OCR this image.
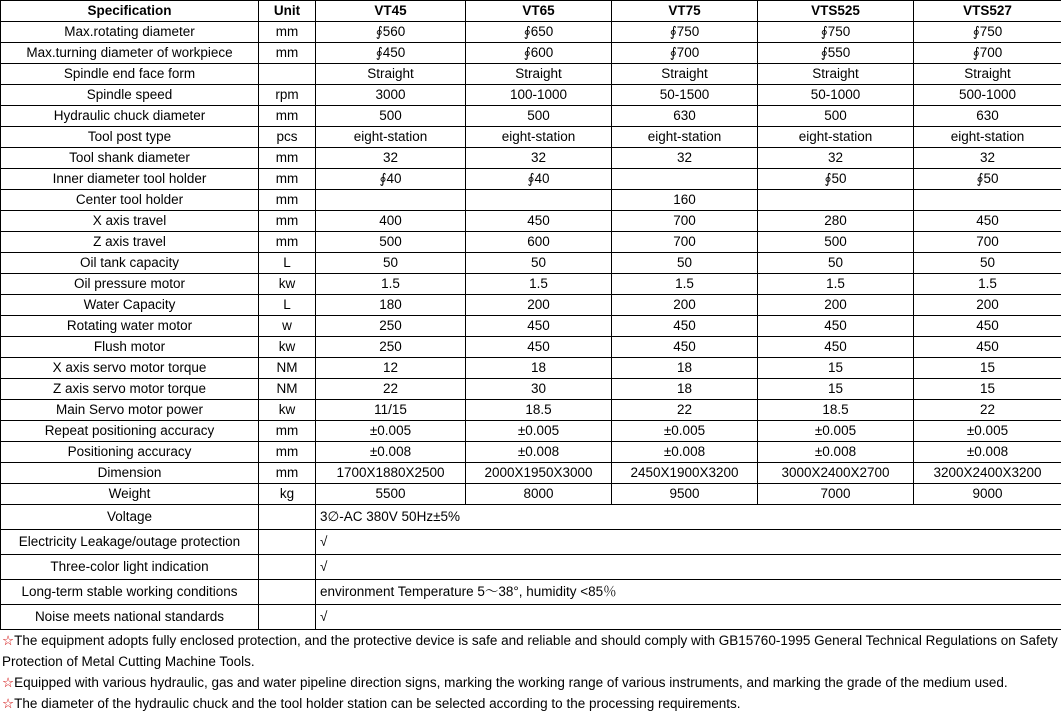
Specification	Unit	VT45	VT65	VT75	VTS525	VTS527
Max.rotating diameter	mm	∮560	∮650	∮750	∮750	∮750
Max.turning diameter of workpiece	mm	∮450	∮600	∮700	∮550	∮700
Spindle end face form		Straight	Straight	Straight	Straight	Straight
Spindle speed	rpm	3000	100-1000	50-1500	50-1000	500-1000
Hydraulic chuck diameter	mm	500	500	630	500	630
Tool post type	pcs	eight-station	eight-station	eight-station	eight-station	eight-station
Tool shank diameter	mm	32	32	32	32	32
Inner diameter tool holder	mm	∮40	∮40		∮50	∮50
Center tool holder	mm			160		
X axis travel	mm	400	450	700	280	450
Z axis travel	mm	500	600	700	500	700
Oil tank capacity	L	50	50	50	50	50
Oil pressure motor	kw	1.5	1.5	1.5	1.5	1.5
Water Capacity	L	180	200	200	200	200
Rotating water motor	w	250	450	450	450	450
Flush motor	kw	250	450	450	450	450
X axis servo motor torque	NM	12	18	18	15	15
Z axis servo motor torque	NM	22	30	18	15	15
Main Servo motor power	kw	11/15	18.5	22	18.5	22
Repeat positioning accuracy	mm	±0.005	±0.005	±0.005	±0.005	±0.005
Positioning accuracy	mm	±0.008	±0.008	±0.008	±0.008	±0.008
Dimension	mm	1700X1880X2500	2000X1950X3000	2450X1900X3200	3000X2400X2700	3200X2400X3200
Weight	kg	5500	8000	9500	7000	9000
Voltage		3∅-AC 380V 50Hz±5%				
Electricity Leakage/outage protection		√				
Three-color light indication		√				
Long-term stable working conditions		environment Temperature 5～38°, humidity <85％				
Noise meets national standards		√				

☆The equipment adopts fully enclosed protection, and the protective device is safe and reliable and should comply with GB15760-1995 General Technical Regulations on Safety Protection of Metal Cutting Machine Tools.

☆Equipped with various hydraulic, gas and water pipeline direction signs, marking the working range of various instruments, and marking the grade of the medium used.

☆The diameter of the hydraulic chuck and the tool holder station can be selected according to the processing requirements.
